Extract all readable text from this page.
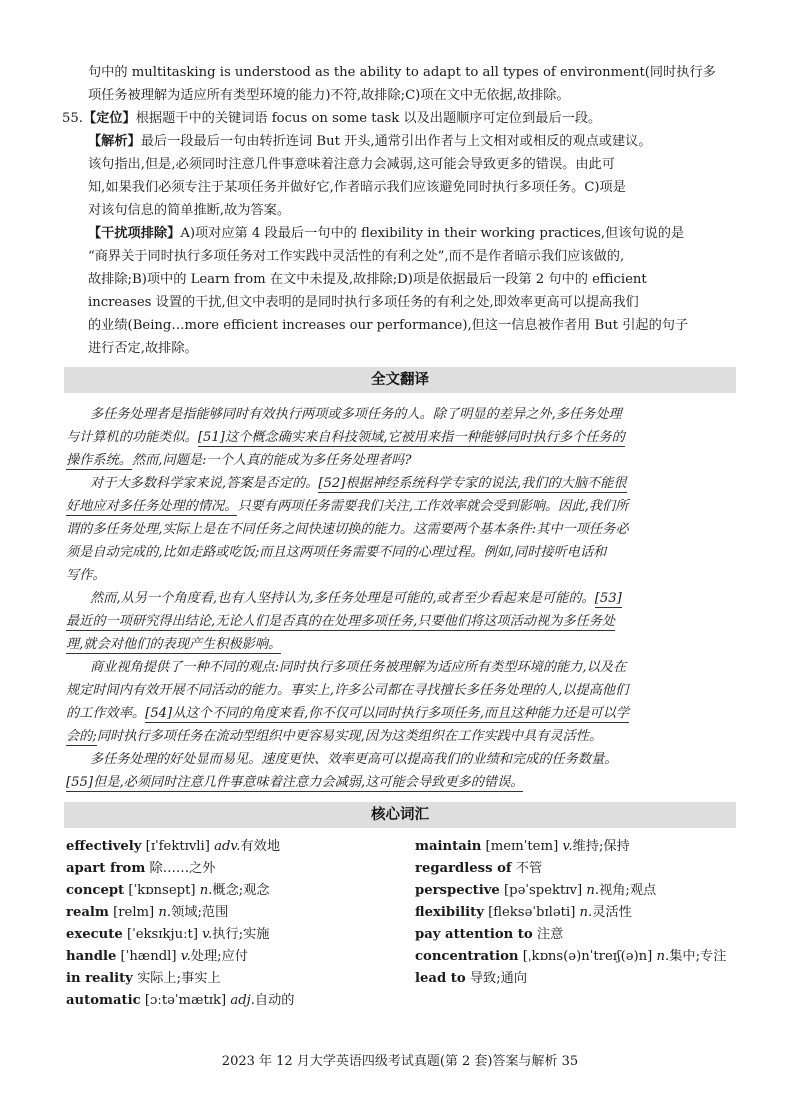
句中的 multitasking is understood as the ability to adapt to all types of environment(同时执行多
项任务被理解为适应所有类型环境的能力)不符,故排除;C)项在文中无依据,故排除。
55.【定位】根据题干中的关键词语 focus on some task 以及出题顺序可定位到最后一段。
【解析】最后一段最后一句由转折连词 But 开头,通常引出作者与上文相对或相反的观点或建议。
该句指出,但是,必须同时注意几件事意味着注意力会减弱,这可能会导致更多的错误。由此可
知,如果我们必须专注于某项任务并做好它,作者暗示我们应该避免同时执行多项任务。C)项是
对该句信息的简单推断,故为答案。
【干扰项排除】A)项对应第 4 段最后一句中的 flexibility in their working practices,但该句说的是
“商界关于同时执行多项任务对工作实践中灵活性的有利之处”,而不是作者暗示我们应该做的,
故排除;B)项中的 Learn from 在文中未提及,故排除;D)项是依据最后一段第 2 句中的 efficient
increases 设置的干扰,但文中表明的是同时执行多项任务的有利之处,即效率更高可以提高我们
的业绩(Being…more efficient increases our performance),但这一信息被作者用 But 引起的句子
进行否定,故排除。
全文翻译
多任务处理者是指能够同时有效执行两项或多项任务的人。除了明显的差异之外,多任务处理
与计算机的功能类似。[51]这个概念确实来自科技领域,它被用来指一种能够同时执行多个任务的
操作系统。然而,问题是:一个人真的能成为多任务处理者吗?
对于大多数科学家来说,答案是否定的。[52]根据神经系统科学专家的说法,我们的大脑不能很
好地应对多任务处理的情况。只要有两项任务需要我们关注,工作效率就会受到影响。因此,我们所
谓的多任务处理,实际上是在不同任务之间快速切换的能力。这需要两个基本条件:其中一项任务必
须是自动完成的,比如走路或吃饭;而且这两项任务需要不同的心理过程。例如,同时接听电话和
写作。
然而,从另一个角度看,也有人坚持认为,多任务处理是可能的,或者至少看起来是可能的。[53]
最近的一项研究得出结论,无论人们是否真的在处理多项任务,只要他们将这项活动视为多任务处
理,就会对他们的表现产生积极影响。
商业视角提供了一种不同的观点:同时执行多项任务被理解为适应所有类型环境的能力,以及在
规定时间内有效开展不同活动的能力。事实上,许多公司都在寻找擅长多任务处理的人,以提高他们
的工作效率。[54]从这个不同的角度来看,你不仅可以同时执行多项任务,而且这种能力还是可以学
会的;同时执行多项任务在流动型组织中更容易实现,因为这类组织在工作实践中具有灵活性。
多任务处理的好处显而易见。速度更快、效率更高可以提高我们的业绩和完成的任务数量。
[55]但是,必须同时注意几件事意味着注意力会减弱,这可能会导致更多的错误。
核心词汇
effectively [ɪˈfektɪvli] adv.有效地
apart from 除……之外
concept [ˈkɒnsept] n.概念;观念
realm [relm] n.领域;范围
execute [ˈeksɪkjuːt] v.执行;实施
handle [ˈhændl] v.处理;应付
in reality 实际上;事实上
automatic [ɔːtəˈmætɪk] adj.自动的
maintain [meɪnˈteɪn] v.维持;保持
regardless of 不管
perspective [pəˈspektɪv] n.视角;观点
flexibility [fleksəˈbɪləti] n.灵活性
pay attention to 注意
concentration [ˌkɒns(ə)nˈtreɪʃ(ə)n] n.集中;专注
lead to 导致;通向
2023 年 12 月大学英语四级考试真题(第 2 套)答案与解析 35
